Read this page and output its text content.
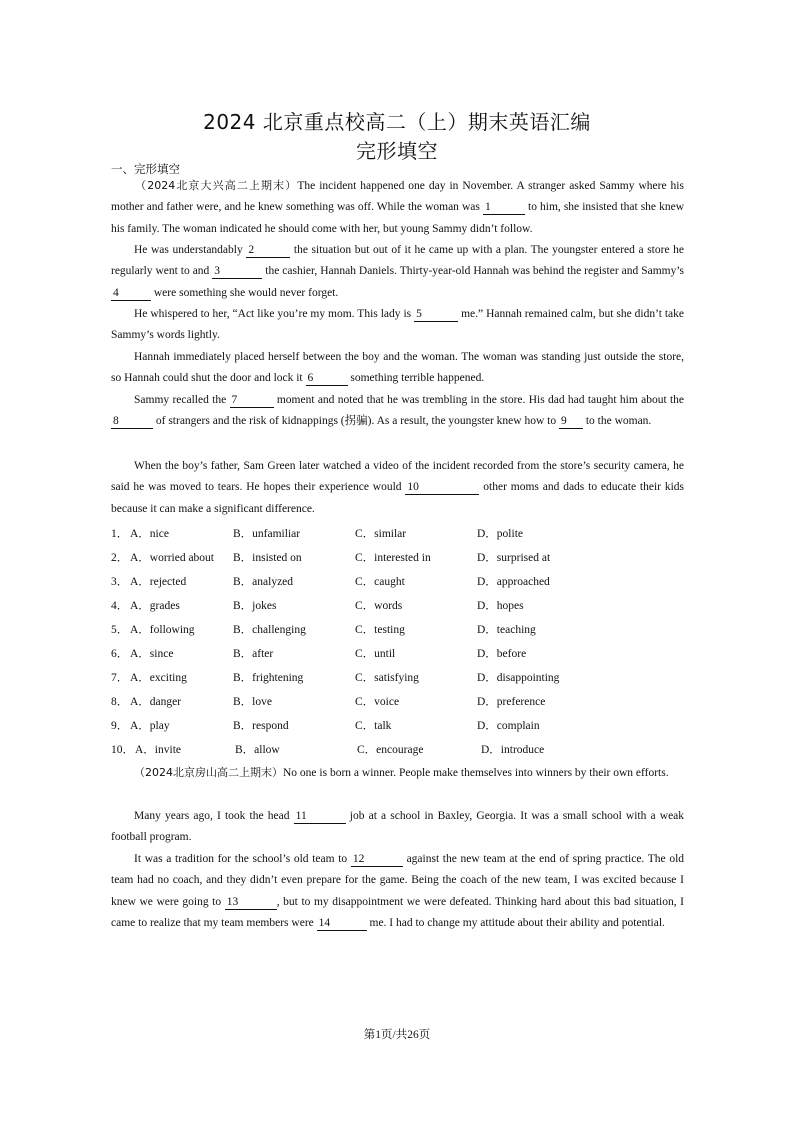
2024 北京重点校高二（上）期末英语汇编
完形填空
一、完形填空

（2024北京大兴高二上期末）The incident happened one day in November. A stranger asked Sammy where his mother and father were, and he knew something was off. While the woman was 1	to him, she insisted that she knew his family. The woman indicated he should come with her, but young Sammy didn’t follow.

He was understandably 2	the situation but out of it he came up with a plan. The youngster entered a store he regularly went to and 3	the cashier, Hannah Daniels. Thirty-year-old Hannah was behind the register and Sammy’s 4	were something she would never forget.

He whispered to her, “Act like you’re my mom. This lady is 5	me.” Hannah remained calm, but she didn’t take Sammy’s words lightly.

Hannah immediately placed herself between the boy and the woman. The woman was standing just outside the store, so Hannah could shut the door and lock it 6	something terrible happened.

Sammy recalled the 7	moment and noted that he was trembling in the store. His dad had taught him about the 8	of strangers and the risk of kidnappings (拐骗). As a result, the youngster knew how to 9 to the woman.

When the boy’s father, Sam Green later watched a video of the incident recorded from the store’s security camera, he said he was moved to tears. He hopes their experience would 10	other moms and dads to educate their kids because it can make a significant difference.

1． A．nice	B．unfamiliar	C．similar	D．polite
2． A．worried about B．insisted on	C．interested in	D．surprised at
3． A．rejected	B．analyzed	C．caught	D．approached
4． A．grades	B．jokes	C．words	D．hopes
5． A．following	B．challenging	C．testing	D．teaching
6． A．since	B．after	C．until	D．before
7． A．exciting	B．frightening	C．satisfying	D．disappointing
8． A．danger	B．love	C．voice	D．preference
9． A．play	B．respond	C．talk	D．complain
10． A．invite	B．allow	C．encourage	D．introduce

（2024北京房山高二上期末）No one is born a winner. People make themselves into winners by their own efforts.

Many years ago, I took the head 11	job at a school in Baxley, Georgia. It was a small school with a weak football program.

It was a tradition for the school’s old team to 12	against the new team at the end of spring practice. The old team had no coach, and they didn’t even prepare for the game. Being the coach of the new team, I was excited because I knew we were going to 13	, but to my disappointment we were defeated. Thinking hard about this bad situation, I came to realize that my team members were 14	me. I had to change my attitude about their ability and potential.

第1页/共26页
